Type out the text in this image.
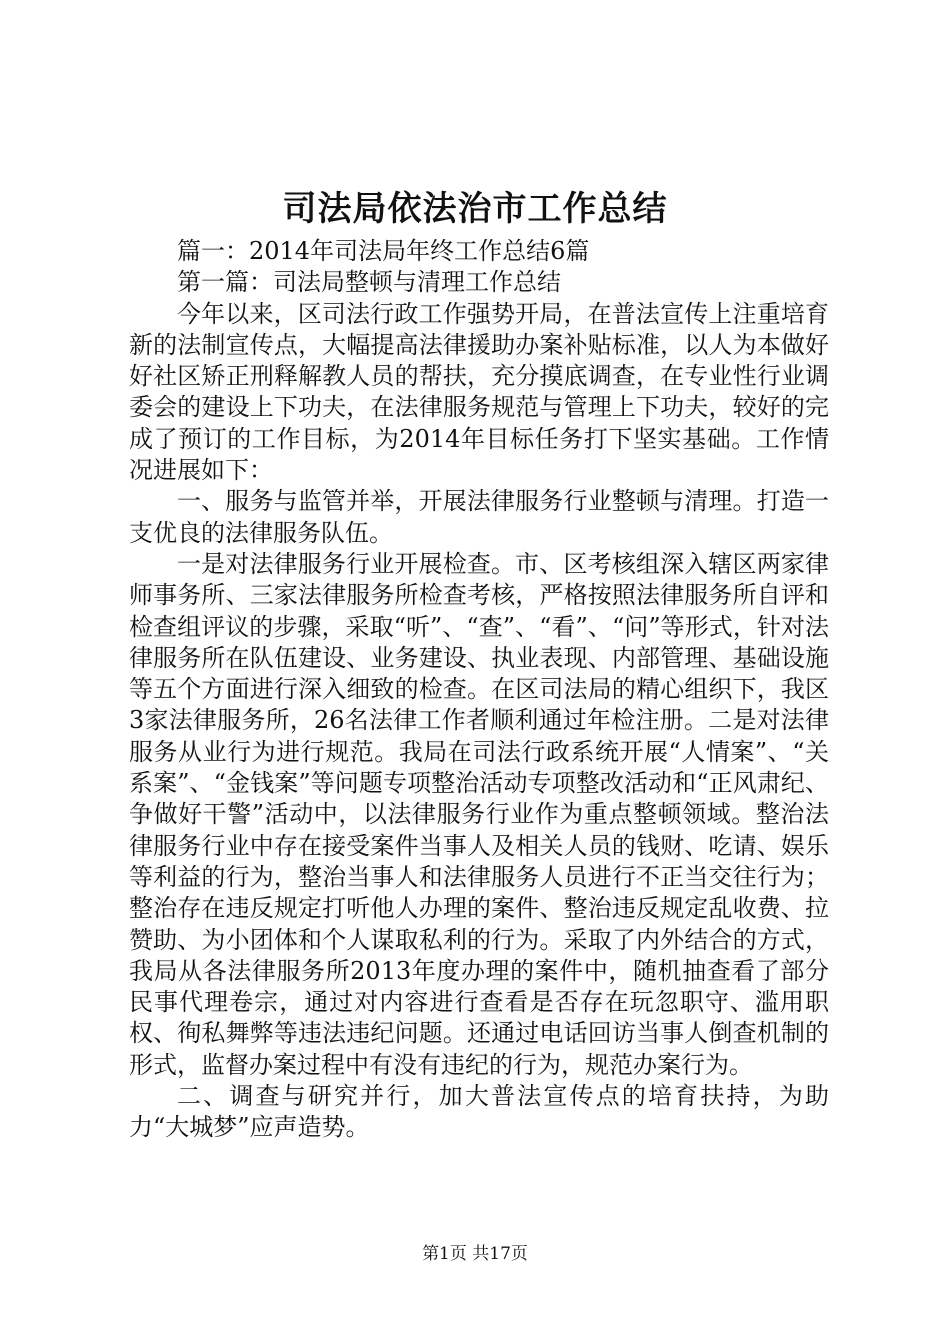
司法局依法治市工作总结

篇一：2014年司法局年终工作总结6篇

第一篇：司法局整顿与清理工作总结

今年以来，区司法行政工作强势开局，在普法宣传上注重培育新的法制宣传点，大幅提高法律援助办案补贴标准，以人为本做好好社区矫正刑释解教人员的帮扶，充分摸底调查，在专业性行业调委会的建设上下功夫，在法律服务规范与管理上下功夫，较好的完成了预订的工作目标，为2014年目标任务打下坚实基础。工作情况进展如下：

一、服务与监管并举，开展法律服务行业整顿与清理。打造一支优良的法律服务队伍。

一是对法律服务行业开展检查。市、区考核组深入辖区两家律师事务所、三家法律服务所检查考核，严格按照法律服务所自评和检查组评议的步骤，采取“听”、“查”、“看”、“问”等形式，针对法律服务所在队伍建设、业务建设、执业表现、内部管理、基础设施等五个方面进行深入细致的检查。在区司法局的精心组织下，我区3家法律服务所，26名法律工作者顺利通过年检注册。二是对法律服务从业行为进行规范。我局在司法行政系统开展“人情案”、“关系案”、“金钱案”等问题专项整治活动专项整改活动和“正风肃纪、争做好干警”活动中，以法律服务行业作为重点整顿领域。整治法律服务行业中存在接受案件当事人及相关人员的钱财、吃请、娱乐等利益的行为，整治当事人和法律服务人员进行不正当交往行为；整治存在违反规定打听他人办理的案件、整治违反规定乱收费、拉赞助、为小团体和个人谋取私利的行为。采取了内外结合的方式，我局从各法律服务所2013年度办理的案件中，随机抽查看了部分民事代理卷宗，通过对内容进行查看是否存在玩忽职守、滥用职权、徇私舞弊等违法违纪问题。还通过电话回访当事人倒查机制的形式，监督办案过程中有没有违纪的行为，规范办案行为。

二、调查与研究并行，加大普法宣传点的培育扶持，为助力“大城梦”应声造势。

第1页 共17页
